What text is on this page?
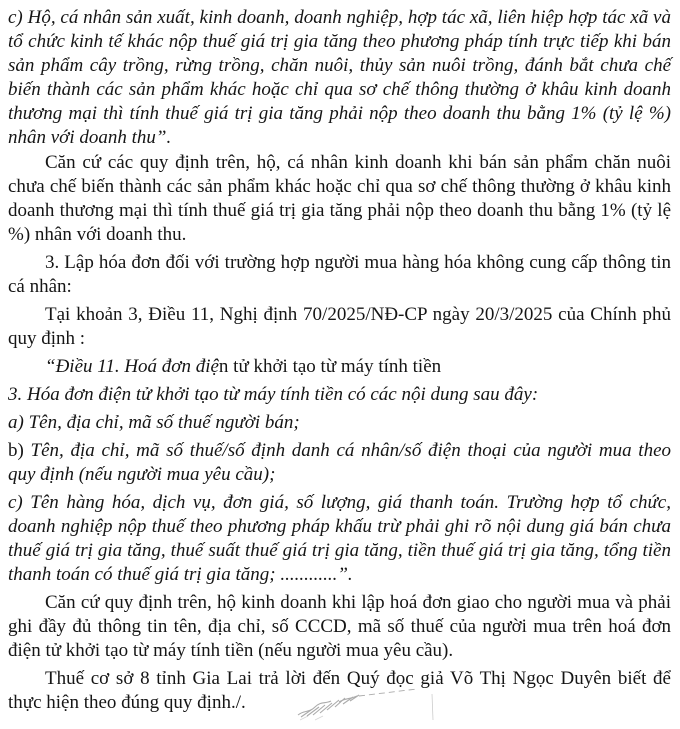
c) Hộ, cá nhân sản xuất, kinh doanh, doanh nghiệp, hợp tác xã, liên hiệp hợp tác xã và tổ chức kinh tế khác nộp thuế giá trị gia tăng theo phương pháp tính trực tiếp khi bán sản phẩm cây trồng, rừng trồng, chăn nuôi, thủy sản nuôi trồng, đánh bắt chưa chế biến thành các sản phẩm khác hoặc chỉ qua sơ chế thông thường ở khâu kinh doanh thương mại thì tính thuế giá trị gia tăng phải nộp theo doanh thu bằng 1% (tỷ lệ %) nhân với doanh thu”.

Căn cứ các quy định trên, hộ, cá nhân kinh doanh khi bán sản phẩm chăn nuôi chưa chế biến thành các sản phẩm khác hoặc chỉ qua sơ chế thông thường ở khâu kinh doanh thương mại thì tính thuế giá trị gia tăng phải nộp theo doanh thu bằng 1% (tỷ lệ %) nhân với doanh thu.

3. Lập hóa đơn đối với trường hợp người mua hàng hóa không cung cấp thông tin cá nhân:

Tại khoản 3, Điều 11, Nghị định 70/2025/NĐ-CP ngày 20/3/2025 của Chính phủ quy định :

“Điều 11. Hoá đơn điện tử khởi tạo từ máy tính tiền

3. Hóa đơn điện tử khởi tạo từ máy tính tiền có các nội dung sau đây:

a) Tên, địa chỉ, mã số thuế người bán;

b) Tên, địa chỉ, mã số thuế/số định danh cá nhân/số điện thoại của người mua theo quy định (nếu người mua yêu cầu);

c) Tên hàng hóa, dịch vụ, đơn giá, số lượng, giá thanh toán. Trường hợp tổ chức, doanh nghiệp nộp thuế theo phương pháp khấu trừ phải ghi rõ nội dung giá bán chưa thuế giá trị gia tăng, thuế suất thuế giá trị gia tăng, tiền thuế giá trị gia tăng, tổng tiền thanh toán có thuế giá trị gia tăng; ............”.

Căn cứ quy định trên, hộ kinh doanh khi lập hoá đơn giao cho người mua và phải ghi đầy đủ thông tin tên, địa chỉ, số CCCD, mã số thuế của người mua trên hoá đơn điện tử khởi tạo từ máy tính tiền (nếu người mua yêu cầu).

Thuế cơ sở 8 tỉnh Gia Lai trả lời đến Quý đọc giả Võ Thị Ngọc Duyên biết để thực hiện theo đúng quy định./.
